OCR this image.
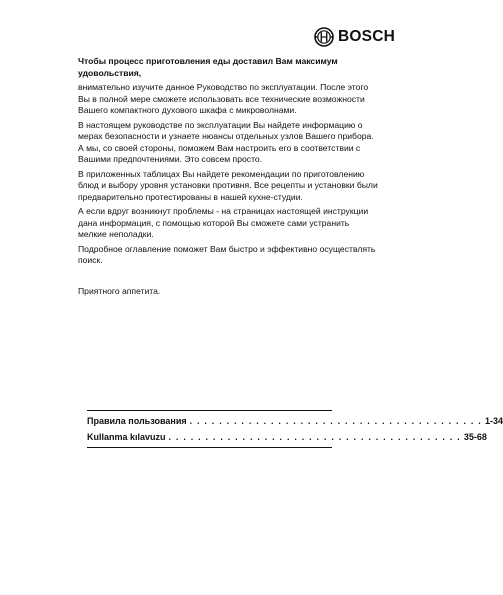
BOSCH

Чтобы процесс приготовления еды доставил Вам максимум удовольствия,

внимательно изучите данное Руководство по эксплуатации. После этого Вы в полной мере сможете использовать все технические возможности Вашего компактного духового шкафа с микроволнами.

В настоящем руководстве по эксплуатации Вы найдете информацию о мерах безопасности и узнаете нюансы отдельных узлов Вашего прибора. А мы, со своей стороны, поможем Вам настроить его в соответствии с Вашими предпочтениями. Это совсем просто.

В приложенных таблицах Вы найдете рекомендации по приготовлению блюд и выбору уровня установки противня. Все рецепты и установки были предварительно протестированы в нашей кухне-студии.

А если вдруг возникнут проблемы - на страницах настоящей инструкции дана информация, с помощью которой Вы сможете сами устранить мелкие неполадки.

Подробное оглавление поможет Вам быстро и эффективно осуществлять поиск.

Приятного аппетита.

Правила пользования . . . . . . . . . . . . . . . . . . . . . . . . . . . . . . . . . . . . . . . . 1-34
Kullanma kılavuzu . . . . . . . . . . . . . . . . . . . . . . . . . . . . . . . . . . . . . . . . 35-68
